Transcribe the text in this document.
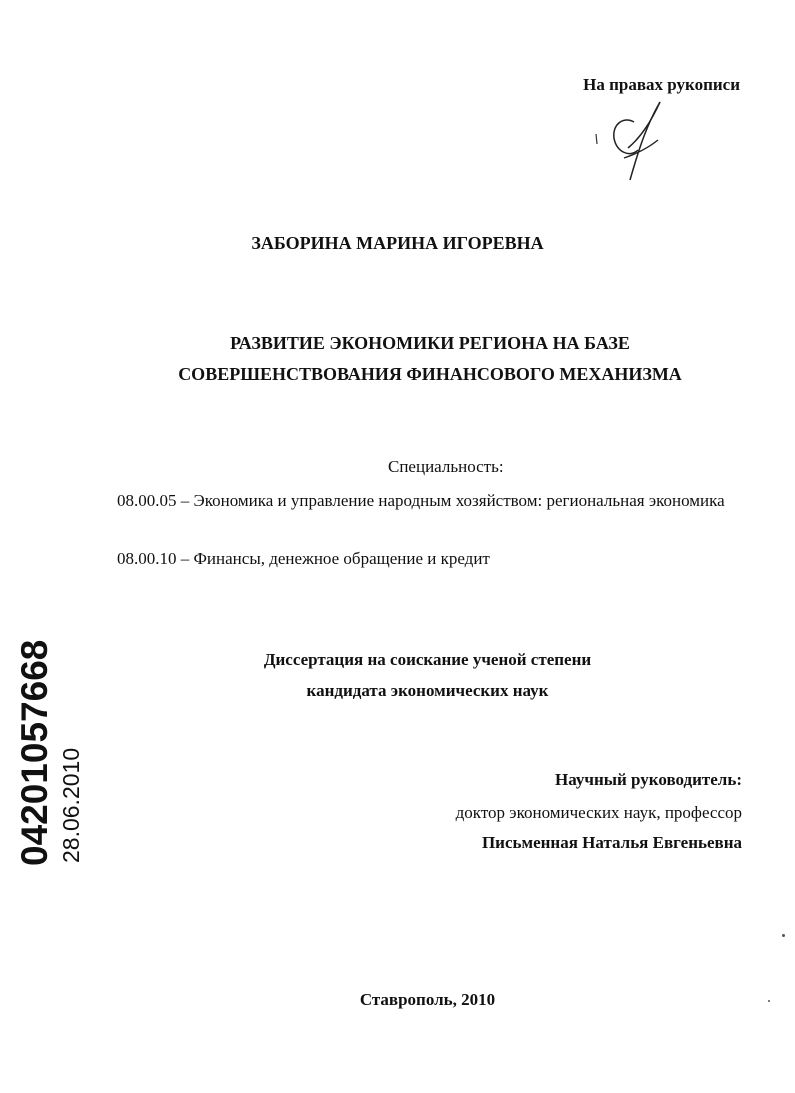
На правах рукописи
ЗАБОРИНА МАРИНА ИГОРЕВНА
РАЗВИТИЕ ЭКОНОМИКИ РЕГИОНА НА БАЗЕ
СОВЕРШЕНСТВОВАНИЯ ФИНАНСОВОГО МЕХАНИЗМА
Специальность:
08.00.05 – Экономика и управление народным хозяйством: региональная экономика
08.00.10 – Финансы, денежное обращение и кредит
Диссертация на соискание ученой степени
кандидата экономических наук
Научный руководитель:
доктор экономических наук, профессор
Письменная Наталья Евгеньевна
Ставрополь, 2010
04201057668 28.06.2010
